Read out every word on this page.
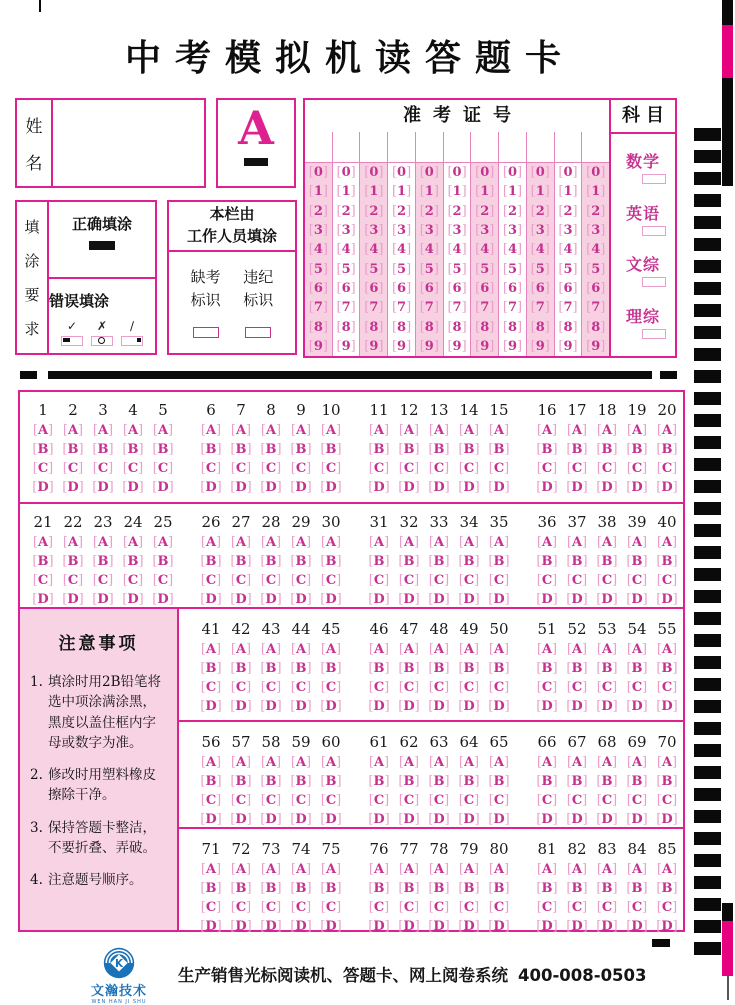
中考模拟机读答题卡
姓
名
A	准考证号
[ 0 ]
[ 1 ]
[ 2 ]
[ 3 ]
[ 4 ]
[ 5 ]
[ 6 ]
[ 7 ]
[ 8 ]
[ 9 ]
[ 0 ]
[ 1 ]
[ 2 ]
[ 3 ]
[ 4 ]
[ 5 ]
[ 6 ]
[ 7 ]
[ 8 ]
[ 9 ]
[ 0 ]
[ 1 ]
[ 2 ]
[ 3 ]
[ 4 ]
[ 5 ]
[ 6 ]
[ 7 ]
[ 8 ]
[ 9 ]
[ 0 ]
[ 1 ]
[ 2 ]
[ 3 ]
[ 4 ]
[ 5 ]
[ 6 ]
[ 7 ]
[ 8 ]
[ 9 ]
[ 0 ]
[ 1 ]
[ 2 ]
[ 3 ]
[ 4 ]
[ 5 ]
[ 6 ]
[ 7 ]
[ 8 ]
[ 9 ]
[ 0 ]
[ 1 ]
[ 2 ]
[ 3 ]
[ 4 ]
[ 5 ]
[ 6 ]
[ 7 ]
[ 8 ]
[ 9 ]
[ 0 ]
[ 1 ]
[ 2 ]
[ 3 ]
[ 4 ]
[ 5 ]
[ 6 ]
[ 7 ]
[ 8 ]
[ 9 ]
[ 0 ]
[ 1 ]
[ 2 ]
[ 3 ]
[ 4 ]
[ 5 ]
[ 6 ]
[ 7 ]
[ 8 ]
[ 9 ]
[ 0 ]
[ 1 ]
[ 2 ]
[ 3 ]
[ 4 ]
[ 5 ]
[ 6 ]
[ 7 ]
[ 8 ]
[ 9 ]
[ 0 ]
[ 1 ]
[ 2 ]
[ 3 ]
[ 4 ]
[ 5 ]
[ 6 ]
[ 7 ]
[ 8 ]
[ 9 ]
[ 0 ]
[ 1 ]
[ 2 ]
[ 3 ]
[ 4 ]
[ 5 ]
[ 6 ]
[ 7 ]
[ 8 ]
[ 9 ]
科目
数学
英语
文综
理综
填
涂
要
求
正确填涂
错误填涂
✓ ✗ ∕
本栏由
工作人员填涂
缺考标识
违纪标识
注意事项
1. 填涂时用2B铅笔将选中项涂满涂黑，黑度以盖住框内字母或数字为准。
2. 修改时用塑料橡皮擦除干净。
3. 保持答题卡整洁，不要折叠、弄破。
4. 注意题号顺序。
1
[A]
[B]
[C]
[D]
2
[A]
[B]
[C]
[D]
3
[A]
[B]
[C]
[D]
4
[A]
[B]
[C]
[D]
5
[A]
[B]
[C]
[D]
6
[A]
[B]
[C]
[D]
7
[A]
[B]
[C]
[D]
8
[A]
[B]
[C]
[D]
9
[A]
[B]
[C]
[D]
10
[A]
[B]
[C]
[D]
11
[A]
[B]
[C]
[D]
12
[A]
[B]
[C]
[D]
13
[A]
[B]
[C]
[D]
14
[A]
[B]
[C]
[D]
15
[A]
[B]
[C]
[D]
16
[A]
[B]
[C]
[D]
17
[A]
[B]
[C]
[D]
18
[A]
[B]
[C]
[D]
19
[A]
[B]
[C]
[D]
20
[A]
[B]
[C]
[D]
21
[A]
[B]
[C]
[D]
22
[A]
[B]
[C]
[D]
23
[A]
[B]
[C]
[D]
24
[A]
[B]
[C]
[D]
25
[A]
[B]
[C]
[D]
26
[A]
[B]
[C]
[D]
27
[A]
[B]
[C]
[D]
28
[A]
[B]
[C]
[D]
29
[A]
[B]
[C]
[D]
30
[A]
[B]
[C]
[D]
31
[A]
[B]
[C]
[D]
32
[A]
[B]
[C]
[D]
33
[A]
[B]
[C]
[D]
34
[A]
[B]
[C]
[D]
35
[A]
[B]
[C]
[D]
36
[A]
[B]
[C]
[D]
37
[A]
[B]
[C]
[D]
38
[A]
[B]
[C]
[D]
39
[A]
[B]
[C]
[D]
40
[A]
[B]
[C]
[D]
41
[A]
[B]
[C]
[D]
42
[A]
[B]
[C]
[D]
43
[A]
[B]
[C]
[D]
44
[A]
[B]
[C]
[D]
45
[A]
[B]
[C]
[D]
46
[A]
[B]
[C]
[D]
47
[A]
[B]
[C]
[D]
48
[A]
[B]
[C]
[D]
49
[A]
[B]
[C]
[D]
50
[A]
[B]
[C]
[D]
51
[A]
[B]
[C]
[D]
52
[A]
[B]
[C]
[D]
53
[A]
[B]
[C]
[D]
54
[A]
[B]
[C]
[D]
55
[A]
[B]
[C]
[D]
56
[A]
[B]
[C]
[D]
57
[A]
[B]
[C]
[D]
58
[A]
[B]
[C]
[D]
59
[A]
[B]
[C]
[D]
60
[A]
[B]
[C]
[D]
61
[A]
[B]
[C]
[D]
62
[A]
[B]
[C]
[D]
63
[A]
[B]
[C]
[D]
64
[A]
[B]
[C]
[D]
65
[A]
[B]
[C]
[D]
66
[A]
[B]
[C]
[D]
67
[A]
[B]
[C]
[D]
68
[A]
[B]
[C]
[D]
69
[A]
[B]
[C]
[D]
70
[A]
[B]
[C]
[D]
71
[A]
[B]
[C]
[D]
72
[A]
[B]
[C]
[D]
73
[A]
[B]
[C]
[D]
74
[A]
[B]
[C]
[D]
75
[A]
[B]
[C]
[D]
76
[A]
[B]
[C]
[D]
77
[A]
[B]
[C]
[D]
78
[A]
[B]
[C]
[D]
79
[A]
[B]
[C]
[D]
80
[A]
[B]
[C]
[D]
81
[A]
[B]
[C]
[D]
82
[A]
[B]
[C]
[D]
83
[A]
[B]
[C]
[D]
84
[A]
[B]
[C]
[D]
85
[A]
[B]
[C]
[D]
K
文瀚技术
WEN HAN JI SHU
生产销售光标阅读机、答题卡、网上阅卷系统 400-008-0503
